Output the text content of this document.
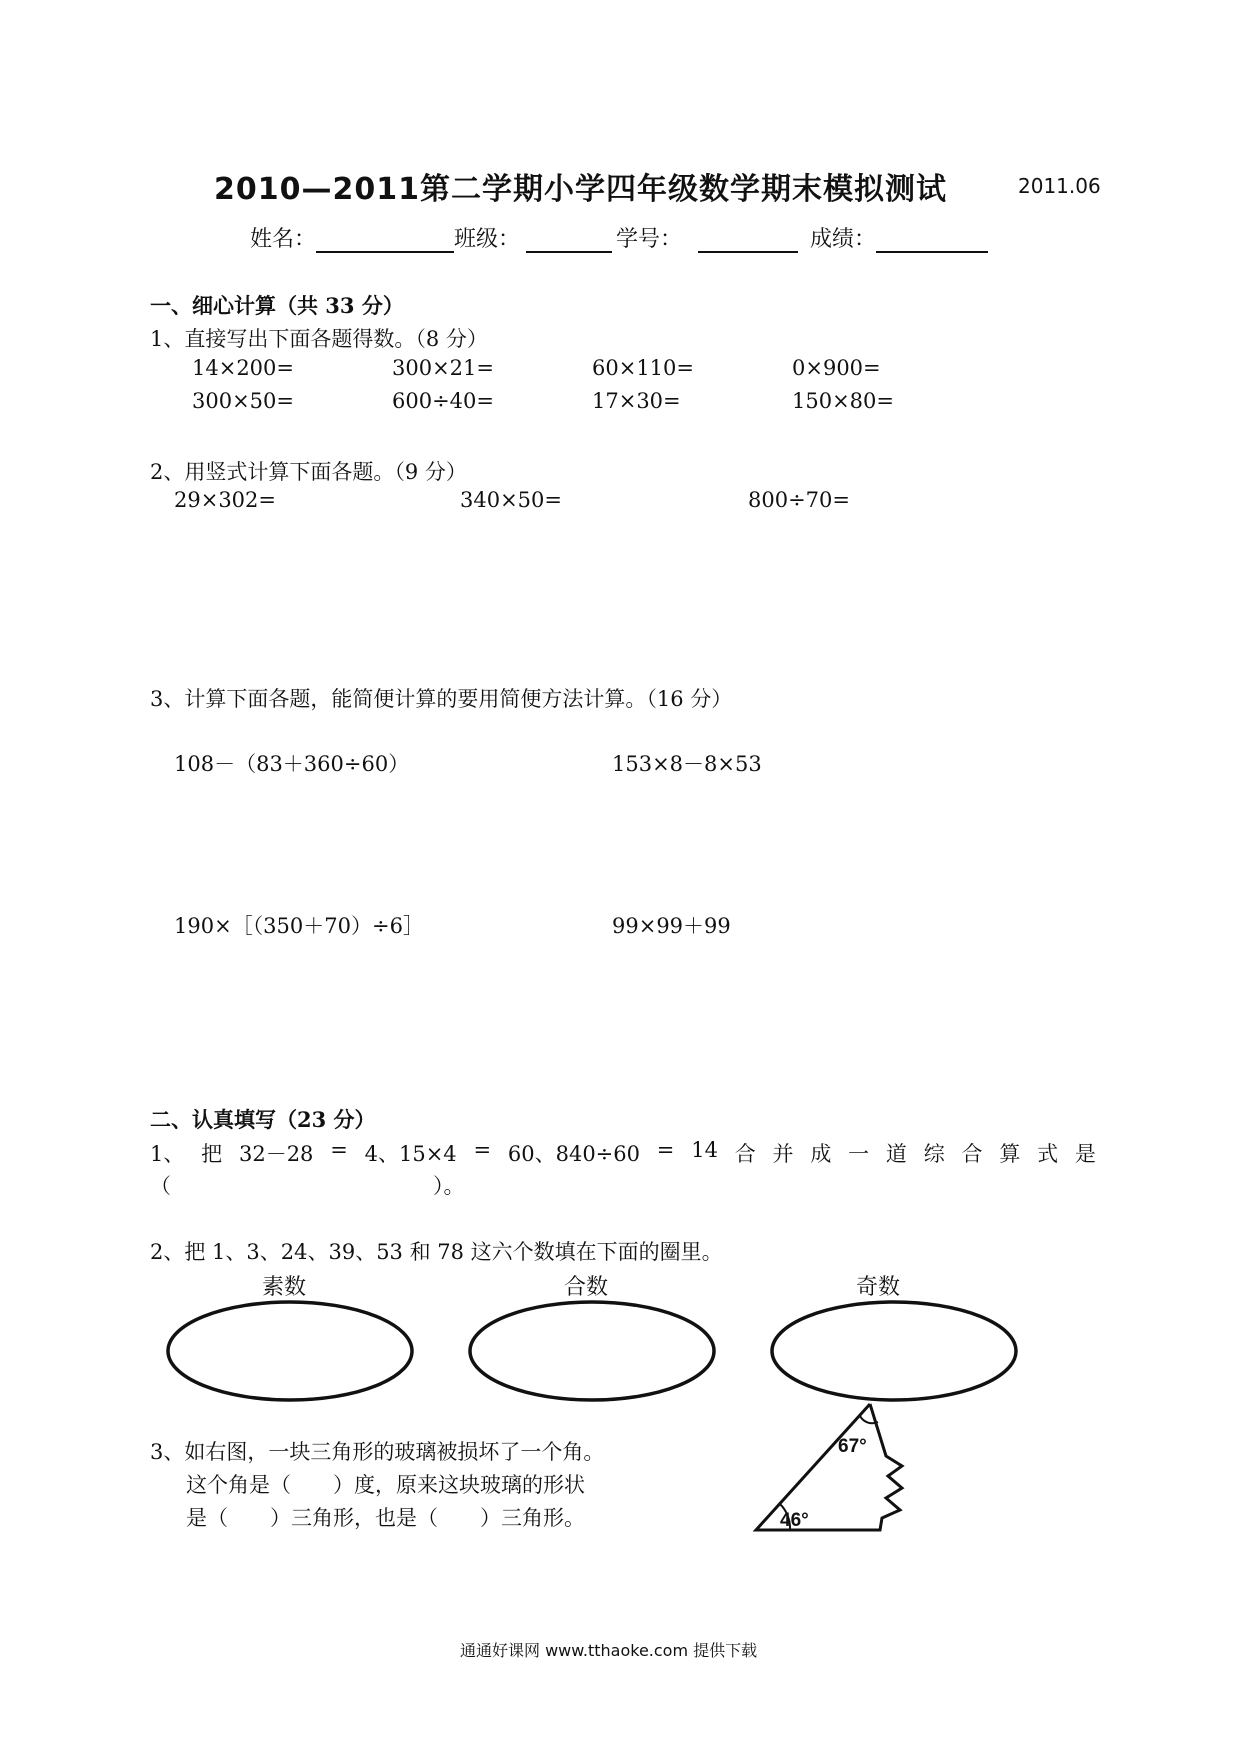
2010—2011第二学期小学四年级数学期末模拟测试	2011.06
姓名：	班级：	学号：	成绩：
一、细心计算（共 33 分）
1、直接写出下面各题得数。（8 分）
14×200=	300×21=	60×110=	0×900=
300×50=	600÷40=	17×30=	150×80=
2、用竖式计算下面各题。（9 分）
29×302=	340×50=	800÷70=
3、计算下面各题，能简便计算的要用简便方法计算。（16 分）
108－（83＋360÷60）	153×8－8×53
190×［（350＋70）÷6］	99×99＋99
二、认真填写（23 分）
1、 把 32－28 = 4、15×4 = 60、840÷60 = 14 合 并 成 一 道 综 合 算 式 是
（	）。
2、把 1、3、24、39、53 和 78 这六个数填在下面的圈里。
素数	合数	奇数
3、如右图，一块三角形的玻璃被损坏了一个角。
这个角是（　　）度，原来这块玻璃的形状
是（　　）三角形，也是（　　）三角形。
67°
46°
通通好课网 www.tthaoke.com 提供下载
